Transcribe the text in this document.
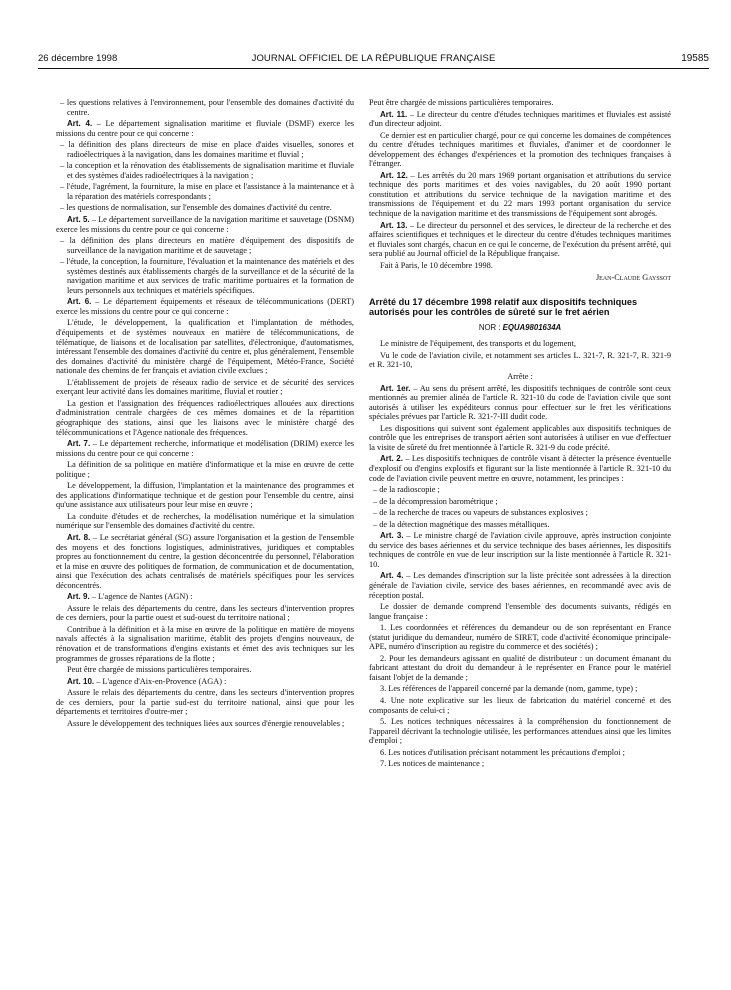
26 décembre 1998	JOURNAL OFFICIEL DE LA RÉPUBLIQUE FRANÇAISE	19585

– les questions relatives à l'environnement, pour l'ensemble des domaines d'activité du centre.

Art. 4. – Le département signalisation maritime et fluviale (DSMF) exerce les missions du centre pour ce qui concerne :

– la définition des plans directeurs de mise en place d'aides visuelles, sonores et radioélectriques à la navigation, dans les domaines maritime et fluvial ;

– la conception et la rénovation des établissements de signalisation maritime et fluviale et des systèmes d'aides radioélectriques à la navigation ;

– l'étude, l'agrément, la fourniture, la mise en place et l'assistance à la maintenance et à la réparation des matériels correspondants ;

– les questions de normalisation, sur l'ensemble des domaines d'activité du centre.

Art. 5. – Le département surveillance de la navigation maritime et sauvetage (DSNM) exerce les missions du centre pour ce qui concerne :

– la définition des plans directeurs en matière d'équipement des dispositifs de surveillance de la navigation maritime et de sauvetage ;

– l'étude, la conception, la fourniture, l'évaluation et la maintenance des matériels et des systèmes destinés aux établissements chargés de la surveillance et de la sécurité de la navigation maritime et aux services de trafic maritime portuaires et la formation de leurs personnels aux techniques et matériels spécifiques.

Art. 6. – Le département équipements et réseaux de télécommunications (DERT) exerce les missions du centre pour ce qui concerne :

L'étude, le développement, la qualification et l'implantation de méthodes, d'équipements et de systèmes nouveaux en matière de télécommunications, de télématique, de liaisons et de localisation par satellites, d'électronique, d'automatismes, intéressant l'ensemble des domaines d'activité du centre et, plus généralement, l'ensemble des domaines d'activité du ministère chargé de l'équipement, Météo-France, Société nationale des chemins de fer français et aviation civile exclues ;

L'établissement de projets de réseaux radio de service et de sécurité des services exerçant leur activité dans les domaines maritime, fluvial et routier ;

La gestion et l'assignation des fréquences radioélectriques allouées aux directions d'administration centrale chargées de ces mêmes domaines et de la répartition géographique des stations, ainsi que les liaisons avec le ministère chargé des télécommunications et l'Agence nationale des fréquences.

Art. 7. – Le département recherche, informatique et modélisation (DRIM) exerce les missions du centre pour ce qui concerne :

La définition de sa politique en matière d'informatique et la mise en œuvre de cette politique ;

Le développement, la diffusion, l'implantation et la maintenance des programmes et des applications d'informatique technique et de gestion pour l'ensemble du centre, ainsi qu'une assistance aux utilisateurs pour leur mise en œuvre ;

La conduite d'études et de recherches, la modélisation numérique et la simulation numérique sur l'ensemble des domaines d'activité du centre.

Art. 8. – Le secrétariat général (SG) assure l'organisation et la gestion de l'ensemble des moyens et des fonctions logistiques, administratives, juridiques et comptables propres au fonctionnement du centre, la gestion déconcentrée du personnel, l'élaboration et la mise en œuvre des politiques de formation, de communication et de documentation, ainsi que l'exécution des achats centralisés de matériels spécifiques pour les services déconcentrés.

Art. 9. – L'agence de Nantes (AGN) :

Assure le relais des départements du centre, dans les secteurs d'intervention propres de ces derniers, pour la partie ouest et sud-ouest du territoire national ;

Contribue à la définition et à la mise en œuvre de la politique en matière de moyens navals affectés à la signalisation maritime, établit des projets d'engins nouveaux, de rénovation et de transformations d'engins existants et émet des avis techniques sur les programmes de grosses réparations de la flotte ;

Peut être chargée de missions particulières temporaires.

Art. 10. – L'agence d'Aix-en-Provence (AGA) :

Assure le relais des départements du centre, dans les secteurs d'intervention propres de ces derniers, pour la partie sud-est du territoire national, ainsi que pour les départements et territoires d'outre-mer ;

Assure le développement des techniques liées aux sources d'énergie renouvelables ;

Peut être chargée de missions particulières temporaires.

Art. 11. – Le directeur du centre d'études techniques maritimes et fluviales est assisté d'un directeur adjoint.

Ce dernier est en particulier chargé, pour ce qui concerne les domaines de compétences du centre d'études techniques maritimes et fluviales, d'animer et de coordonner le développement des échanges d'expériences et la promotion des techniques françaises à l'étranger.

Art. 12. – Les arrêtés du 20 mars 1969 portant organisation et attributions du service technique des ports maritimes et des voies navigables, du 20 août 1990 portant constitution et attributions du service technique de la navigation maritime et des transmissions de l'équipement et du 22 mars 1993 portant organisation du service technique de la navigation maritime et des transmissions de l'équipement sont abrogés.

Art. 13. – Le directeur du personnel et des services, le directeur de la recherche et des affaires scientifiques et techniques et le directeur du centre d'études techniques maritimes et fluviales sont chargés, chacun en ce qui le concerne, de l'exécution du présent arrêté, qui sera publié au Journal officiel de la République française.

Fait à Paris, le 10 décembre 1998.

Jean-Claude Gayssot

Arrêté du 17 décembre 1998 relatif aux dispositifs techniques autorisés pour les contrôles de sûreté sur le fret aérien
NOR : EQUA9801634A

Le ministre de l'équipement, des transports et du logement,

Vu le code de l'aviation civile, et notamment ses articles L. 321-7, R. 321-7, R. 321-9 et R. 321-10,

Arrête :

Art. 1er. – Au sens du présent arrêté, les dispositifs techniques de contrôle sont ceux mentionnés au premier alinéa de l'article R. 321-10 du code de l'aviation civile que sont autorisés à utiliser les expéditeurs connus pour effectuer sur le fret les vérifications spéciales prévues par l'article R. 321-7-III dudit code.

Les dispositions qui suivent sont également applicables aux dispositifs techniques de contrôle que les entreprises de transport aérien sont autorisées à utiliser en vue d'effectuer la visite de sûreté du fret mentionnée à l'article R. 321-9 du code précité.

Art. 2. – Les dispositifs techniques de contrôle visant à détecter la présence éventuelle d'explosif ou d'engins explosifs et figurant sur la liste mentionnée à l'article R. 321-10 du code de l'aviation civile peuvent mettre en œuvre, notamment, les principes :

– de la radioscopie ;

– de la décompression barométrique ;

– de la recherche de traces ou vapeurs de substances explosives ;

– de la détection magnétique des masses métalliques.

Art. 3. – Le ministre chargé de l'aviation civile approuve, après instruction conjointe du service des bases aériennes et du service technique des bases aériennes, les dispositifs techniques de contrôle en vue de leur inscription sur la liste mentionnée à l'article R. 321-10.

Art. 4. – Les demandes d'inscription sur la liste précitée sont adressées à la direction générale de l'aviation civile, service des bases aériennes, en recommandé avec avis de réception postal.

Le dossier de demande comprend l'ensemble des documents suivants, rédigés en langue française :

1. Les coordonnées et références du demandeur ou de son représentant en France (statut juridique du demandeur, numéro de SIRET, code d'activité économique principale-APE, numéro d'inscription au registre du commerce et des sociétés) ;

2. Pour les demandeurs agissant en qualité de distributeur : un document émanant du fabricant attestant du droit du demandeur à le représenter en France pour le matériel faisant l'objet de la demande ;

3. Les références de l'appareil concerné par la demande (nom, gamme, type) ;

4. Une note explicative sur les lieux de fabrication du matériel concerné et des composants de celui-ci ;

5. Les notices techniques nécessaires à la compréhension du fonctionnement de l'appareil décrivant la technologie utilisée, les performances attendues ainsi que les limites d'emploi ;

6. Les notices d'utilisation précisant notamment les précautions d'emploi ;

7. Les notices de maintenance ;
